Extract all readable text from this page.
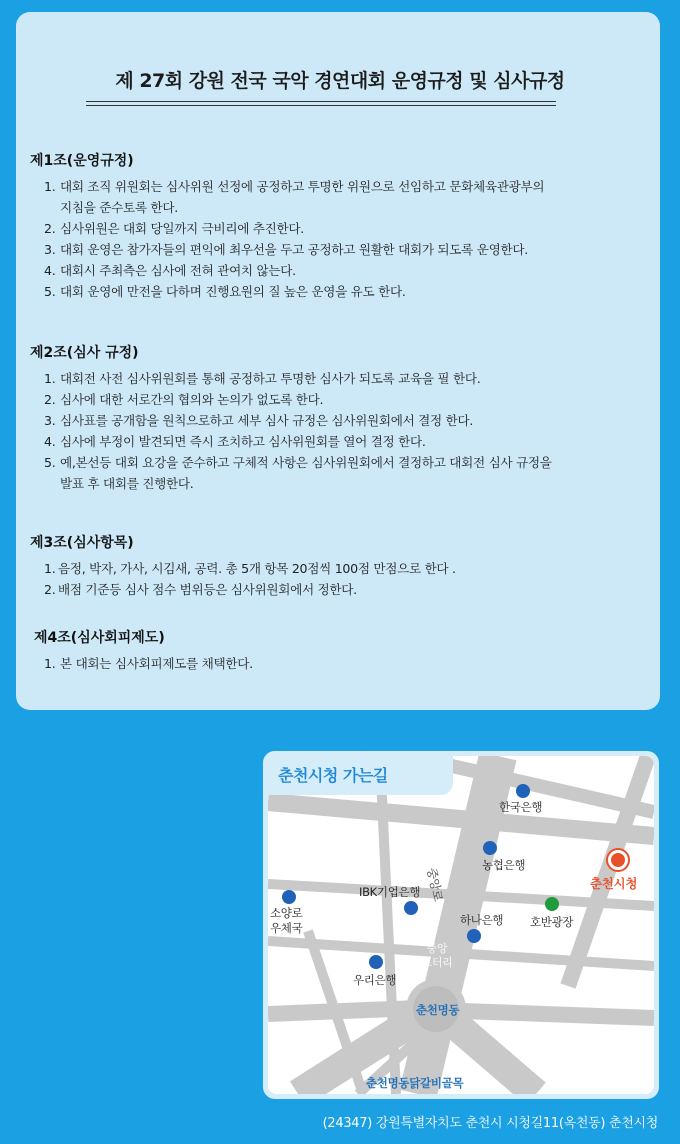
제 27회 강원 전국 국악 경연대회 운영규정 및 심사규정
제1조(운영규정)
1. 대회 조직 위원회는 심사위원 선정에 공정하고 투명한 위원으로 선임하고 문화체육관광부의
지침을 준수토록 한다.
2. 심사위원은 대회 당일까지 극비리에 추진한다.
3. 대회 운영은 참가자들의 편익에 최우선을 두고 공정하고 원활한 대회가 되도록 운영한다.
4. 대회시 주최측은 심사에 전혀 관여치 않는다.
5. 대회 운영에 만전을 다하며 진행요원의 질 높은 운영을 유도 한다.
제2조(심사 규정)
1. 대회전 사전 심사위원회를 통해 공정하고 투명한 심사가 되도록 교육을 필 한다.
2. 심사에 대한 서로간의 협의와 논의가 없도록 한다.
3. 심사표를 공개함을 원칙으로하고 세부 심사 규정은 심사위원회에서 결정 한다.
4. 심사에 부정이 발견되면 즉시 조치하고 심사위원회를 열어 결정 한다.
5. 예,본선등 대회 요강을 준수하고 구체적 사항은 심사위원회에서 결정하고 대회전 심사 규정을
발표 후 대회를 진행한다.
제3조(심사항목)
1. 음정, 박자, 가사, 시김새, 공력. 총 5개 항목 20점씩 100점 만점으로 한다 .
2. 배점 기준등 심사 점수 범위등은 심사위원회에서 정한다.
제4조(심사회피제도)
1. 본 대회는 심사회피제도를 채택한다.
춘천시청 가는길
중앙로
중앙
로터리
한국은행
농협은행
춘천시청
IBK기업은행
소양로
우체국
하나은행 호반광장
우리은행
춘천명동
춘천명동닭갈비골목
(24347) 강원특별자치도 춘천시 시청길11(옥천동) 춘천시청
